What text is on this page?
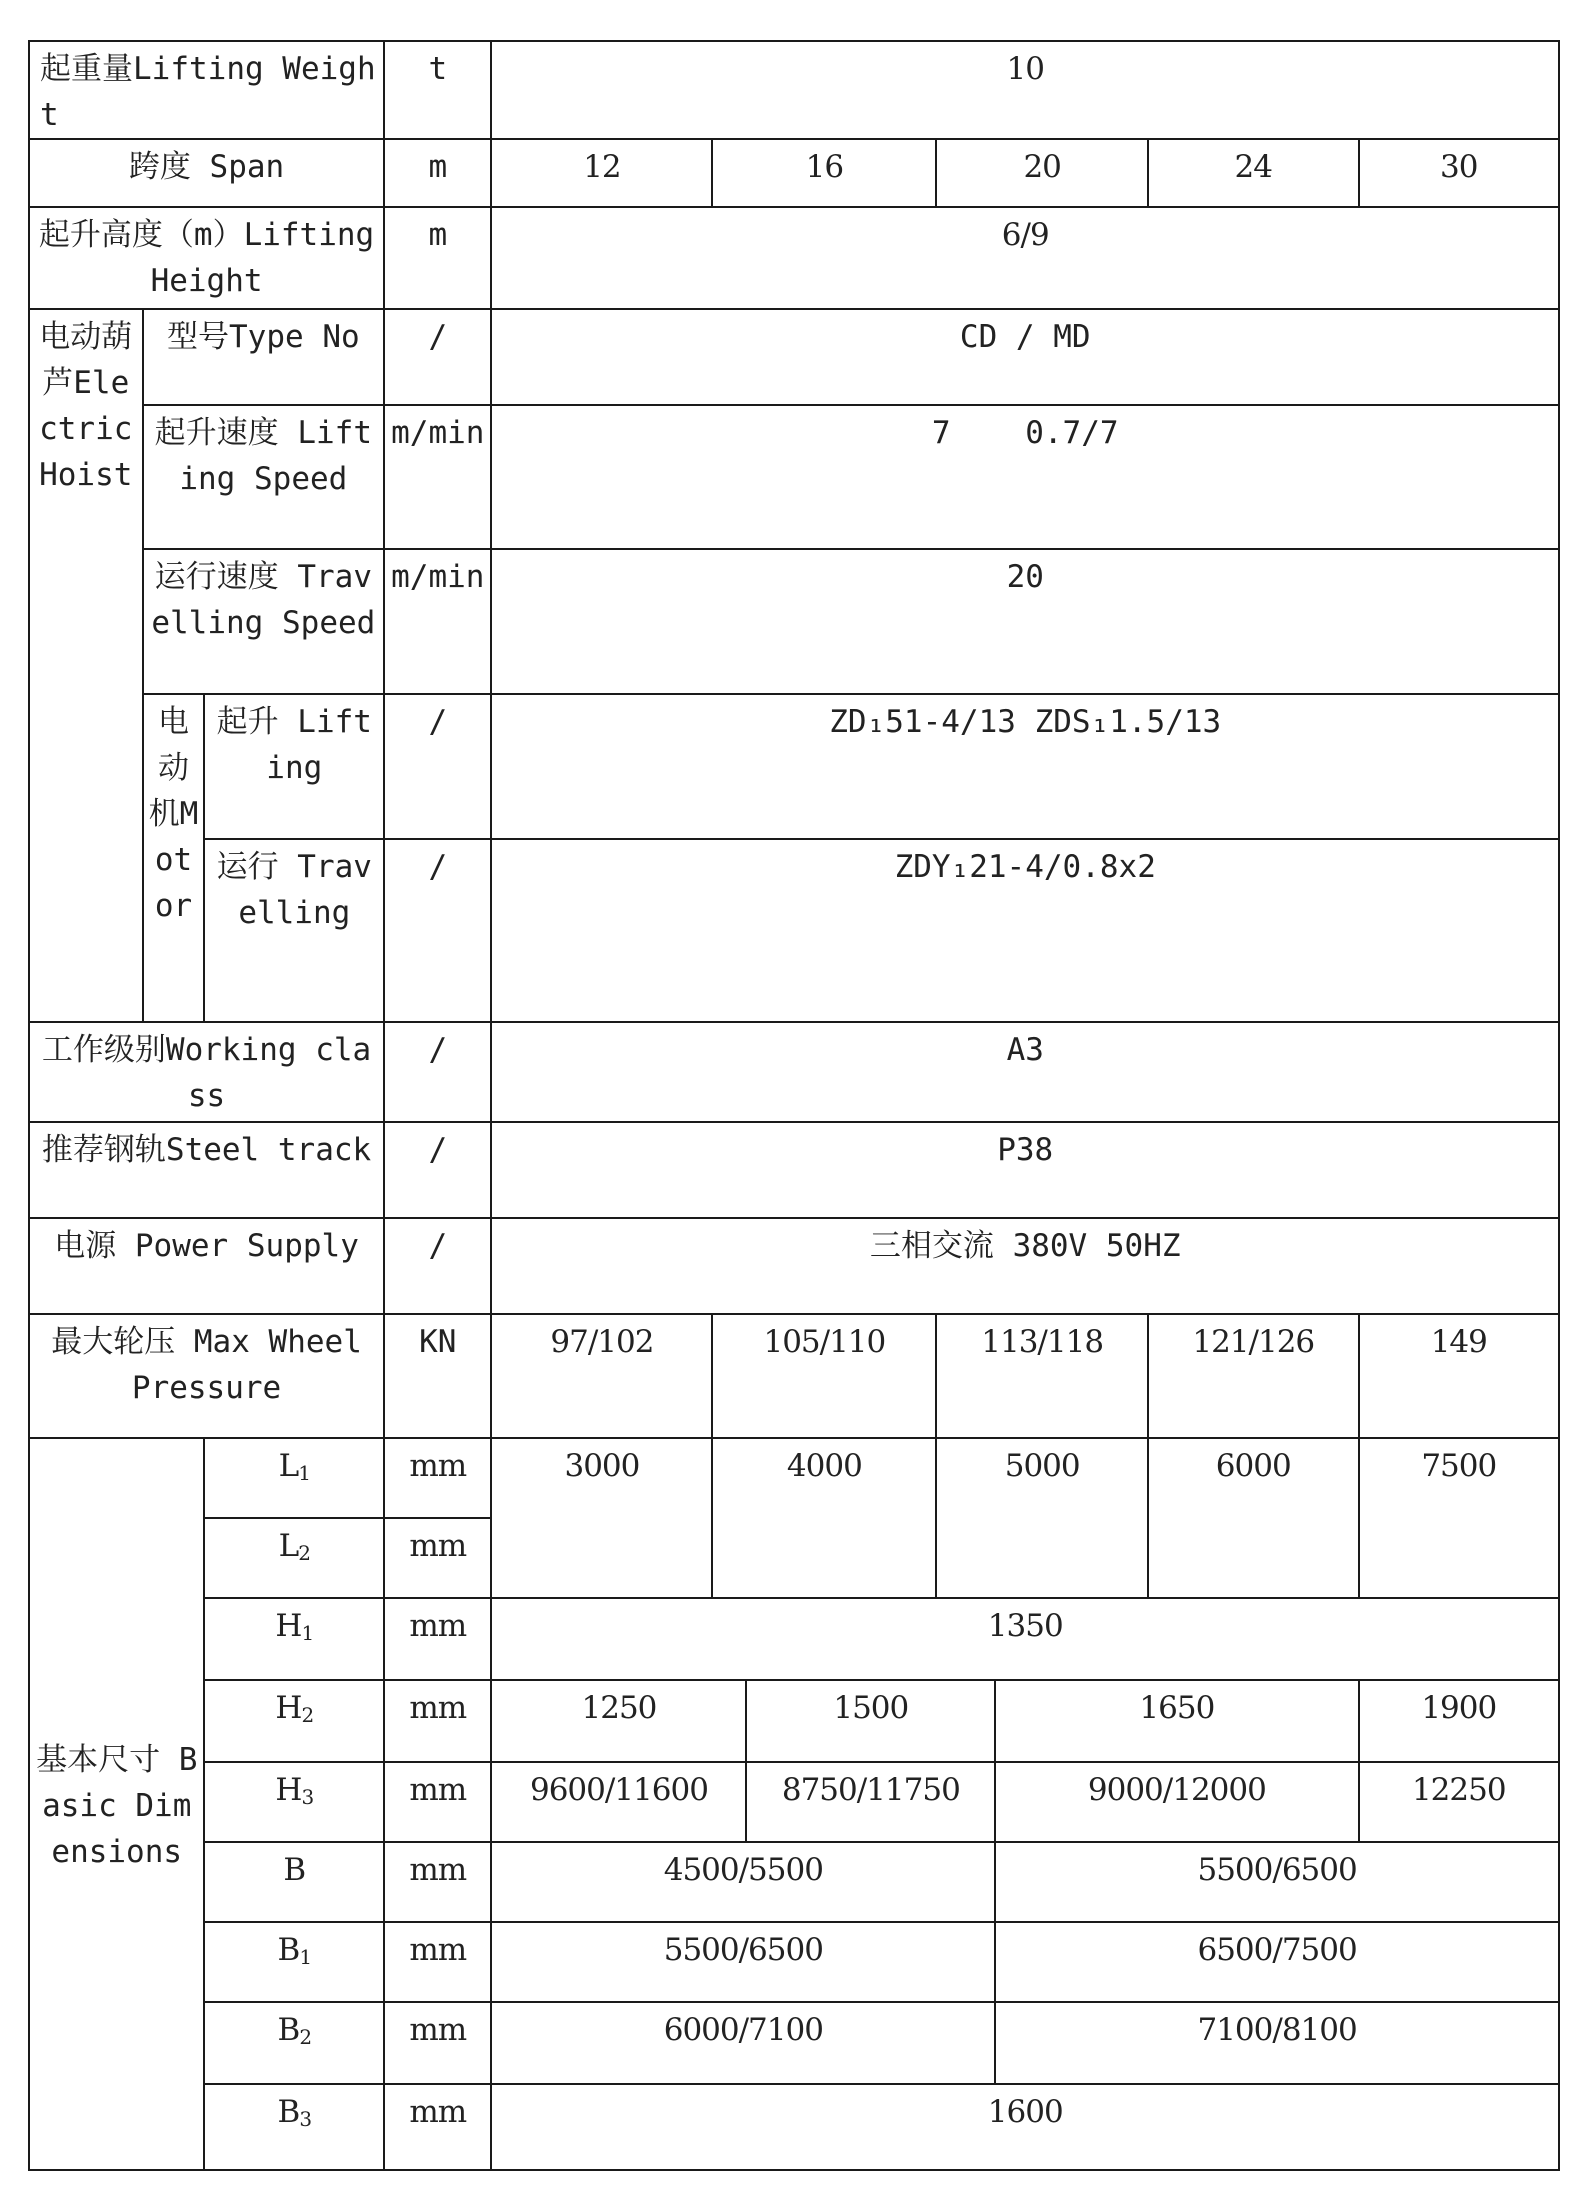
起重量Lifting Weight			t	10						
跨度 Span			m	12	16		20		24	30
起升高度（m）Lifting Height			m	6/9						
电动葫芦Electric Hoist	型号Type No		/	CD / MD						
	起升速度 Lifting Speed		m/min	7    0.7/7						
	运行速度 Travelling Speed		m/min	20						
	电动机Motor	起升 Lifting	/	ZD₁51-4/13 ZDS₁1.5/13						
		运行 Travelling	/	ZDY₁21-4/0.8x2						
工作级别Working class			/	A3						
推荐钢轨Steel track			/	P38						
电源 Power Supply			/	三相交流 380V 50HZ						
最大轮压 Max Wheel Pressure			KN	97/102	105/110		113/118		121/126	149
基本尺寸 Basic Dimensions		$L_1$	mm	3000	4000		5000		6000	7500
		$L_2$	mm							
		$H_1$	mm	1350						
		$H_2$	mm	1250		1500		1650		1900
		$H_3$	mm	9600/11600		8750/11750		9000/12000		12250
		B	mm	4500/5500				5500/6500		
		$B_1$	mm	5500/6500				6500/7500		
		$B_2$	mm	6000/7100				7100/8100		
		$B_3$	mm	1600						
